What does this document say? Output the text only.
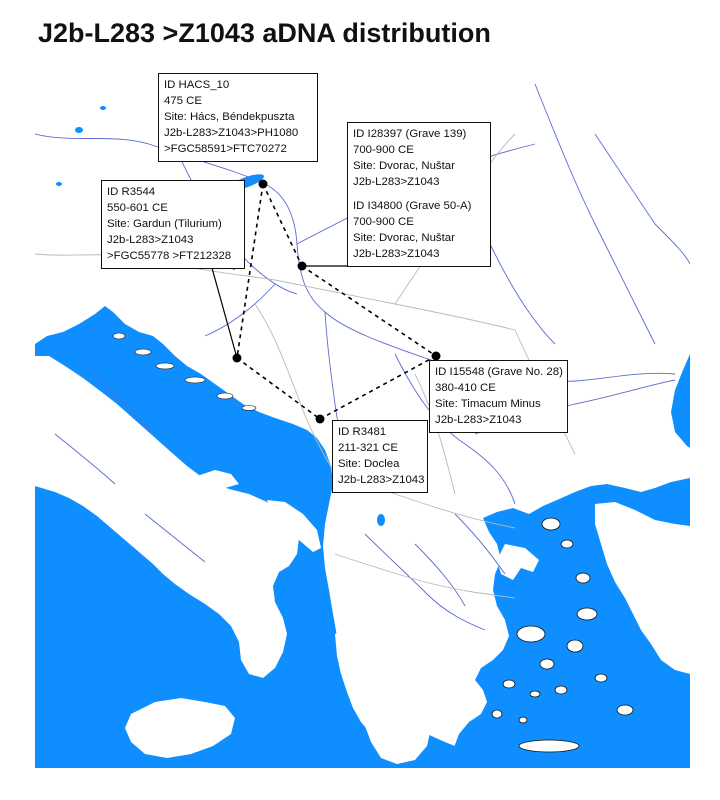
J2b-L283 >Z1043 aDNA distribution
ID HACS_10
475 CE
Site: Hács, Béndekpuszta
J2b-L283>Z1043>PH1080
>FGC58591>FTC70272
ID R3544
550-601 CE
Site: Gardun (Tilurium)
J2b-L283>Z1043
>FGC55778 >FT212328
ID I28397 (Grave 139)
700-900 CE
Site: Dvorac, Nuštar
J2b-L283>Z1043
ID I34800 (Grave 50-A)
700-900 CE
Site: Dvorac, Nuštar
J2b-L283>Z1043
ID I15548 (Grave No. 28)
380-410 CE
Site: Timacum Minus
J2b-L283>Z1043
ID R3481
211-321 CE
Site: Doclea
J2b-L283>Z1043
